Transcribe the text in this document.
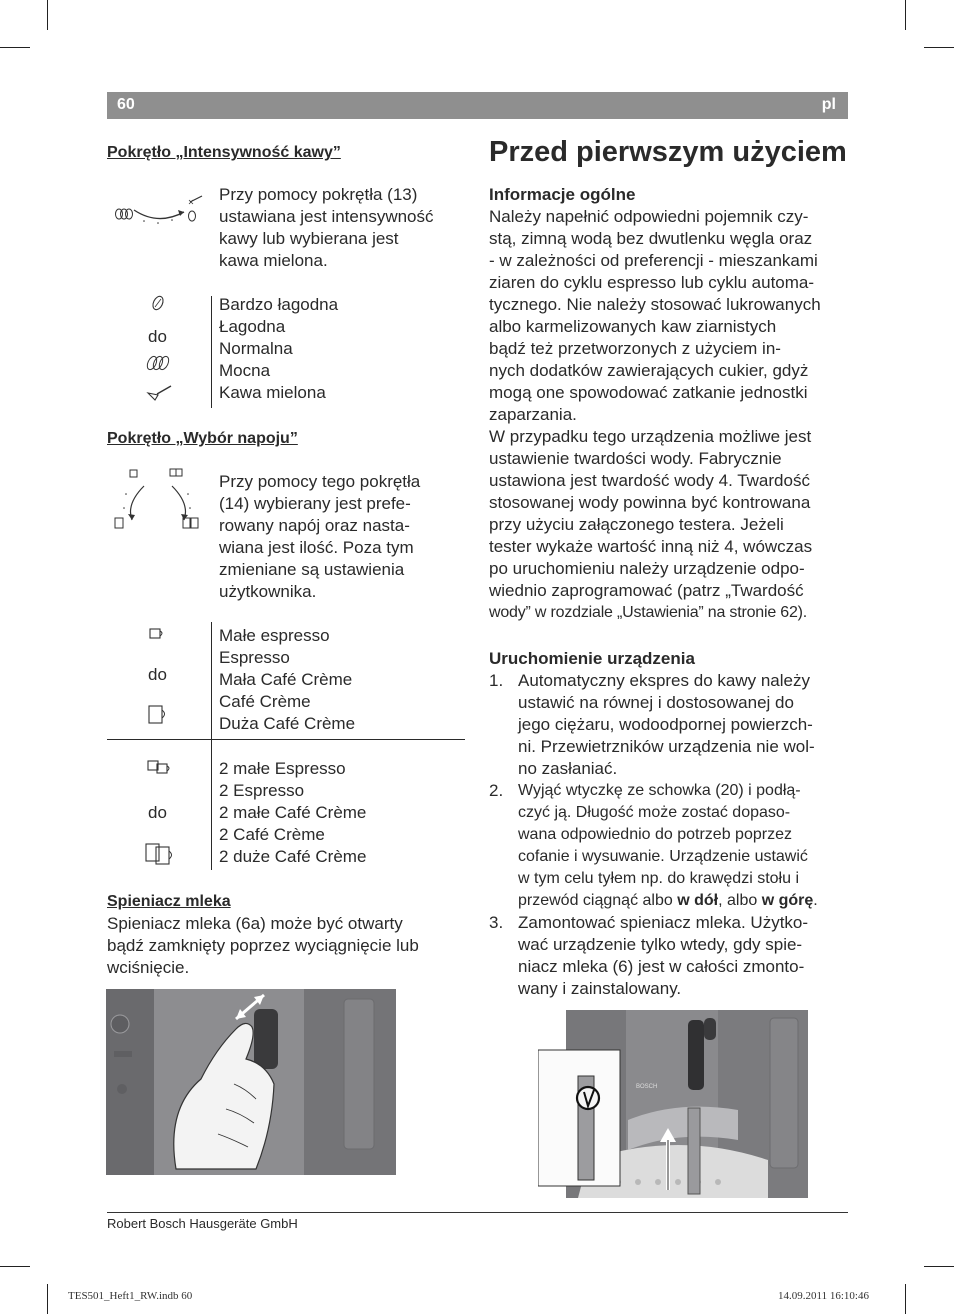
60	pl
Pokrętło „Intensywność kawy”
Przy pomocy pokrętła (13)
ustawiana jest intensywność
kawy lub wybierana jest
kawa mielona.
do
Bardzo łagodna
Łagodna
Normalna
Mocna
Kawa mielona
Pokrętło „Wybór napoju”
Przy pomocy tego pokrętła
(14) wybierany jest prefe-
rowany napój oraz nasta-
wiana jest ilość. Poza tym
zmieniane są ustawienia
użytkownika.
do
Małe espresso
Espresso
Mała Café Crème
Café Crème
Duża Café Crème
do
2 małe Espresso
2 Espresso
2 małe Café Crème
2 Café Crème
2 duże Café Crème
Spieniacz mleka
Spieniacz mleka (6a) może być otwarty
bądź zamknięty poprzez wyciągnięcie lub
wciśnięcie.
Przed pierwszym użyciem
Informacje ogólne
Należy napełnić odpowiedni pojemnik czy-
stą, zimną wodą bez dwutlenku węgla oraz
- w zależności od preferencji - mieszankami
ziaren do cyklu espresso lub cyklu automa-
tycznego. Nie należy stosować lukrowanych
albo karmelizowanych kaw ziarnistych
bądź też przetworzonych z użyciem in-
nych dodatków zawierających cukier, gdyż
mogą one spowodować zatkanie jednostki
zaparzania.
W przypadku tego urządzenia możliwe jest
ustawienie twardości wody. Fabrycznie
ustawiona jest twardość wody 4. Twardość
stosowanej wody powinna być kontrowana
przy użyciu załączonego testera. Jeżeli
tester wykaże wartość inną niż 4, wówczas
po uruchomieniu należy urządzenie odpo-
wiednio zaprogramować (patrz „Twardość
wody” w rozdziale „Ustawienia” na stronie 62).
Uruchomienie urządzenia
1. Automatyczny ekspres do kawy należy
ustawić na równej i dostosowanej do
jego ciężaru, wodoodpornej powierzch-
ni. Przewietrzników urządzenia nie wol-
no zasłaniać.
2. Wyjąć wtyczkę ze schowka (20) i podłą-
czyć ją. Długość może zostać dopaso-
wana odpowiednio do potrzeb poprzez
cofanie i wysuwanie. Urządzenie ustawić
w tym celu tyłem np. do krawędzi stołu i
przewód ciągnąć albo w dół, albo w górę.
3. Zamontować spieniacz mleka. Użytko-
wać urządzenie tylko wtedy, gdy spie-
niacz mleka (6) jest w całości zmonto-
wany i zainstalowany.
BOSCH
Robert Bosch Hausgeräte GmbH
TES501_Heft1_RW.indb 60	14.09.2011 16:10:46
